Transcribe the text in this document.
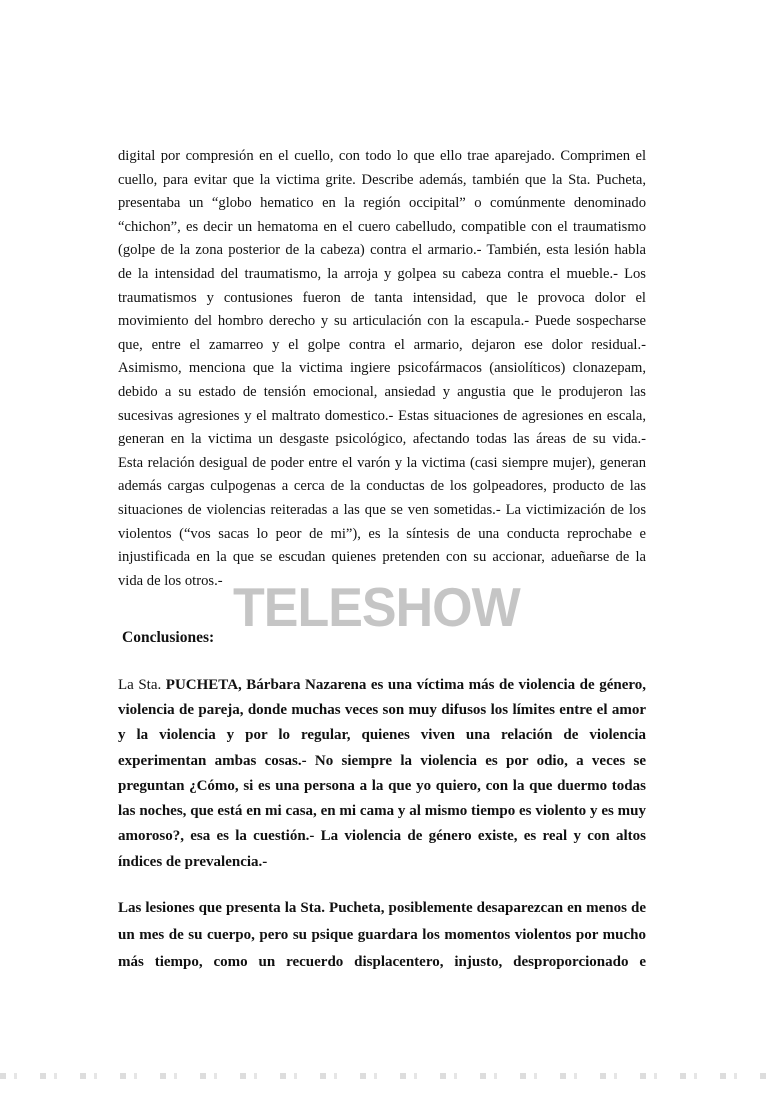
digital por compresión en el cuello, con todo lo que ello trae aparejado. Comprimen el
cuello, para evitar que la victima grite. Describe además, también que la Sta. Pucheta,
presentaba un “globo hematico en la región occipital” o comúnmente denominado
“chichon”, es decir un hematoma en el cuero cabelludo, compatible con el traumatismo
(golpe de la zona posterior de la cabeza) contra el armario.- También, esta lesión habla
de la intensidad del traumatismo, la arroja y golpea su cabeza contra el mueble.- Los
traumatismos y contusiones fueron de tanta intensidad, que le provoca dolor el
movimiento del hombro derecho y su articulación con la escapula.- Puede sospecharse
que, entre el zamarreo y el golpe contra el armario, dejaron ese dolor residual.-
Asimismo, menciona que la victima ingiere psicofármacos (ansiolíticos) clonazepam,
debido a su estado de tensión emocional, ansiedad y angustia que le produjeron las
sucesivas agresiones y el maltrato domestico.- Estas situaciones de agresiones en escala,
generan en la victima un desgaste psicológico, afectando todas las áreas de su vida.-
Esta relación desigual de poder entre el varón y la victima (casi siempre mujer), generan
además cargas culpogenas a cerca de la conductas de los golpeadores, producto de las
situaciones de violencias reiteradas a las que se ven sometidas.- La victimización de los
violentos (“vos sacas lo peor de mi”), es la síntesis de una conducta reprochabe e
injustificada en la que se escudan quienes pretenden con su accionar, adueñarse de la
vida de los otros.- TELESHOW
Conclusiones:
La Sta. PUCHETA, Bárbara Nazarena es una víctima más de violencia de género,
violencia de pareja, donde muchas veces son muy difusos los límites entre el amor
y la violencia y por lo regular, quienes viven una relación de violencia
experimentan ambas cosas.- No siempre la violencia es por odio, a veces se
preguntan ¿Cómo, si es una persona a la que yo quiero, con la que duermo todas
las noches, que está en mi casa, en mi cama y al mismo tiempo es violento y es muy
amoroso?, esa es la cuestión.- La violencia de género existe, es real y con altos
índices de prevalencia.-
Las lesiones que presenta la Sta. Pucheta, posiblemente desaparezcan en menos de
un mes de su cuerpo, pero su psique guardara los momentos violentos por mucho
más tiempo, como un recuerdo displacentero, injusto, desproporcionado e
